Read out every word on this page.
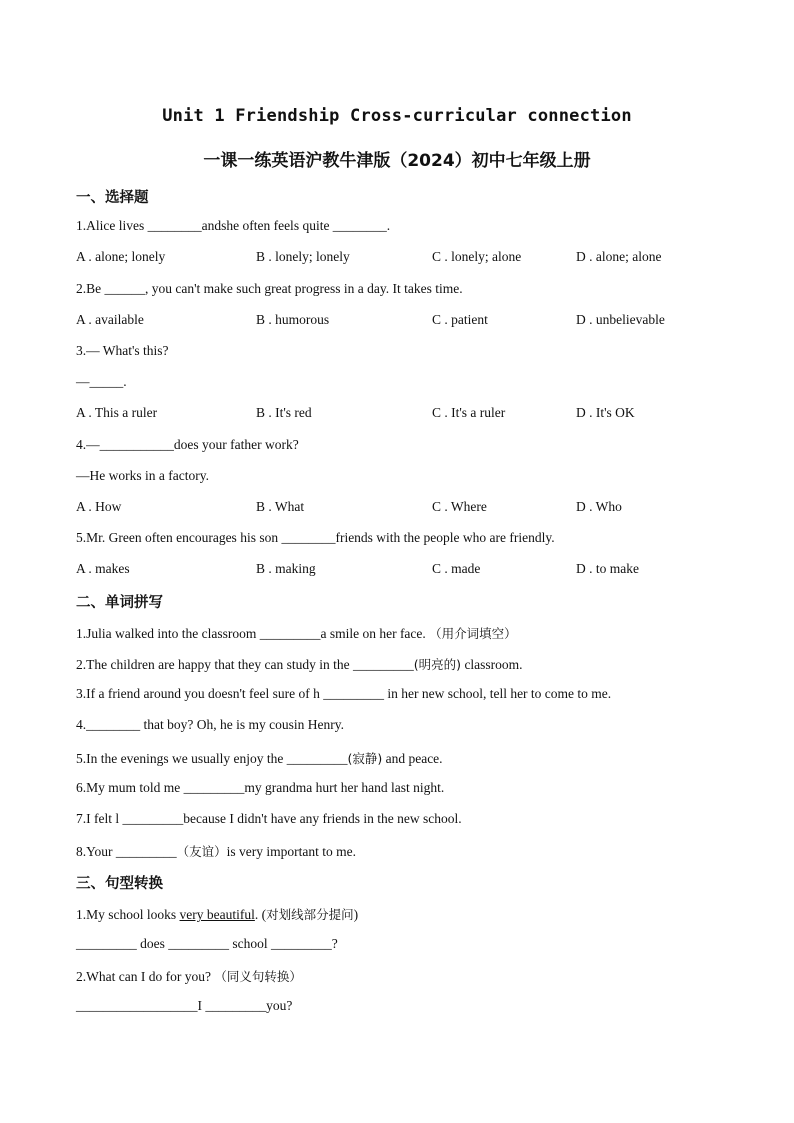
Unit 1 Friendship Cross-curricular connection
一课一练英语沪教牛津版（2024）初中七年级上册
一、选择题
1.Alice lives ________andshe often feels quite ________.
A . alone; lonely	B . lonely; lonely	C . lonely; alone	D . alone; alone
2.Be ______, you can't make such great progress in a day. It takes time.
A . available	B . humorous	C . patient	D . unbelievable
3.— What's this?
—_____.
A . This a ruler	B . It's red	C . It's a ruler	D . It's OK
4.—___________does your father work?
—He works in a factory.
A . How	B . What	C . Where	D . Who
5.Mr. Green often encourages his son ________friends with the people who are friendly.
A . makes	B . making	C . made	D . to make
二、单词拼写
1.Julia walked into the classroom _________a smile on her face. （用介词填空）
2.The children are happy that they can study in the _________(明亮的) classroom.
3.If a friend around you doesn't feel sure of h _________ in her new school, tell her to come to me.
4.________ that boy? Oh, he is my cousin Henry.
5.In the evenings we usually enjoy the _________(寂静) and peace.
6.My mum told me _________my grandma hurt her hand last night.
7.I felt l _________because I didn't have any friends in the new school.
8.Your _________（友谊）is very important to me.
三、句型转换
1.My school looks very beautiful. (对划线部分提问)
_________ does _________ school _________?
2.What can I do for you? （同义句转换）
__________________I _________you?
